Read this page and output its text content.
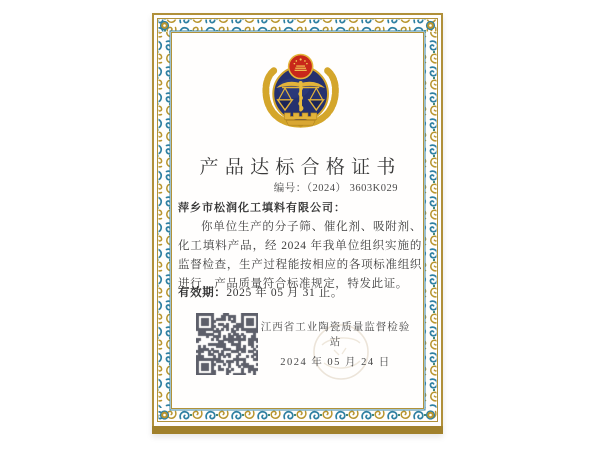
产品达标合格证书
编号：（2024） 3603K029
萍乡市松润化工填料有限公司：
你单位生产的分子筛、催化剂、吸附剂、化工填料产品，经 2024 年我单位组织实施的监督检查，生产过程能按相应的各项标准组织进行，产品质量符合标准规定，特发此证。
有效期：2025 年 05 月 31 止。
江西省工业陶瓷质量监督检验站
2024 年 05 月 24 日
